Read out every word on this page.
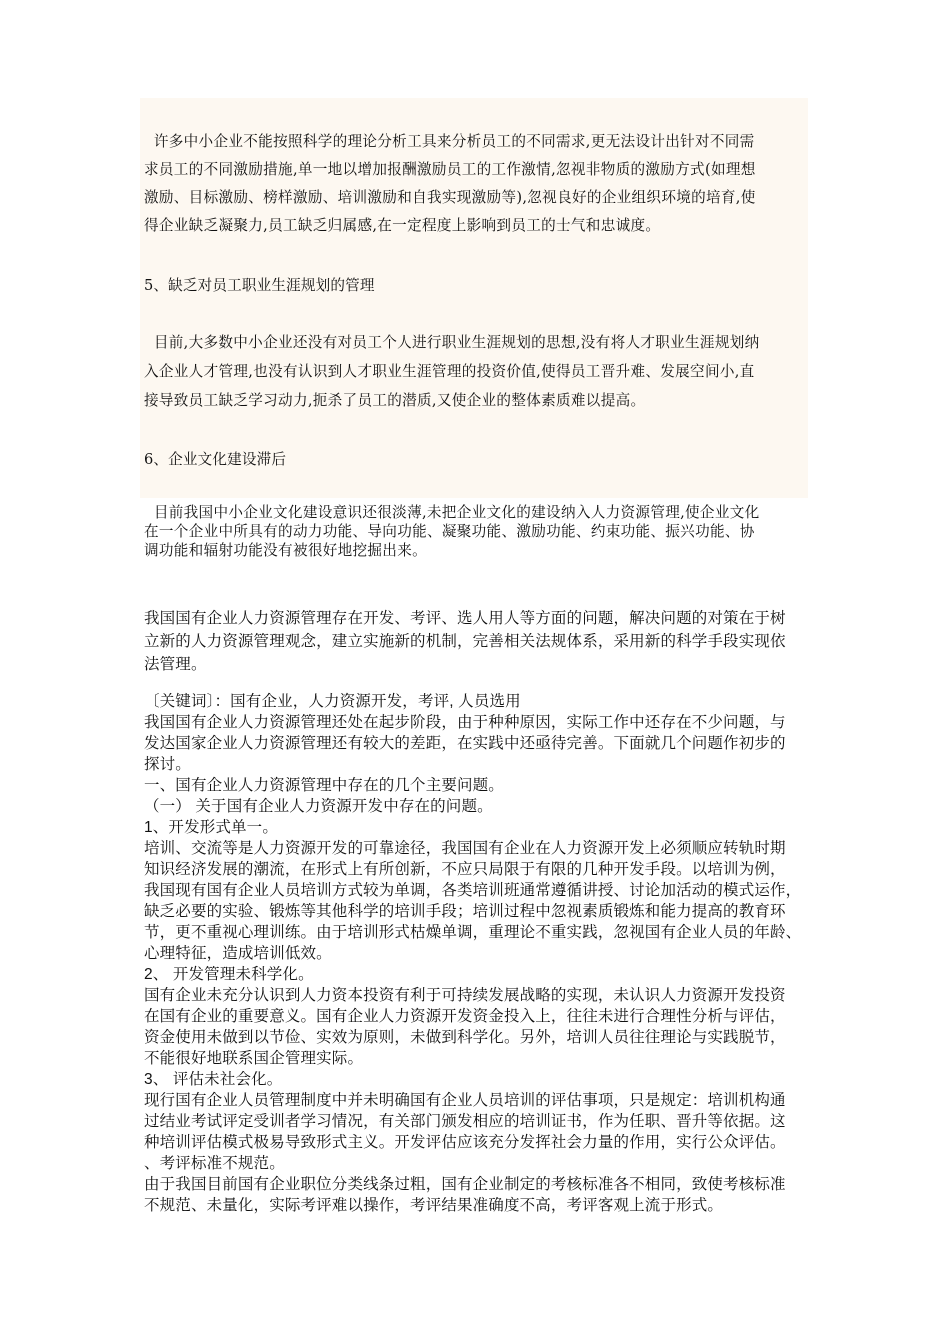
许多中小企业不能按照科学的理论分析工具来分析员工的不同需求,更无法设计出针对不同需
求员工的不同激励措施,单一地以增加报酬激励员工的工作激情,忽视非物质的激励方式(如理想
激励、目标激励、榜样激励、培训激励和自我实现激励等),忽视良好的企业组织环境的培育,使
得企业缺乏凝聚力,员工缺乏归属感,在一定程度上影响到员工的士气和忠诚度。
5、缺乏对员工职业生涯规划的管理
目前,大多数中小企业还没有对员工个人进行职业生涯规划的思想,没有将人才职业生涯规划纳
入企业人才管理,也没有认识到人才职业生涯管理的投资价值,使得员工晋升难、发展空间小,直
接导致员工缺乏学习动力,扼杀了员工的潜质,又使企业的整体素质难以提高。
6、企业文化建设滞后
目前我国中小企业文化建设意识还很淡薄,未把企业文化的建设纳入人力资源管理,使企业文化
在一个企业中所具有的动力功能、导向功能、凝聚功能、激励功能、约束功能、振兴功能、协
调功能和辐射功能没有被很好地挖掘出来。
我国国有企业人力资源管理存在开发、考评、选人用人等方面的问题，解决问题的对策在于树
立新的人力资源管理观念，建立实施新的机制，完善相关法规体系，采用新的科学手段实现依
法管理。
〔关键词〕：国有企业，人力资源开发，考评, 人员选用
我国国有企业人力资源管理还处在起步阶段，由于种种原因，实际工作中还存在不少问题，与
发达国家企业人力资源管理还有较大的差距，在实践中还亟待完善。下面就几个问题作初步的
探讨。
一、国有企业人力资源管理中存在的几个主要问题。
（一） 关于国有企业人力资源开发中存在的问题。
1、开发形式单一。
培训、交流等是人力资源开发的可靠途径，我国国有企业在人力资源开发上必须顺应转轨时期
知识经济发展的潮流，在形式上有所创新，不应只局限于有限的几种开发手段。以培训为例，
我国现有国有企业人员培训方式较为单调，各类培训班通常遵循讲授、讨论加活动的模式运作，
缺乏必要的实验、锻炼等其他科学的培训手段；培训过程中忽视素质锻炼和能力提高的教育环
节，更不重视心理训练。由于培训形式枯燥单调，重理论不重实践，忽视国有企业人员的年龄、
心理特征，造成培训低效。
2、 开发管理未科学化。
国有企业未充分认识到人力资本投资有利于可持续发展战略的实现，未认识人力资源开发投资
在国有企业的重要意义。国有企业人力资源开发资金投入上，往往未进行合理性分析与评估，
资金使用未做到以节俭、实效为原则，未做到科学化。另外，培训人员往往理论与实践脱节，
不能很好地联系国企管理实际。
3、 评估未社会化。
现行国有企业人员管理制度中并未明确国有企业人员培训的评估事项，只是规定：培训机构通
过结业考试评定受训者学习情况，有关部门颁发相应的培训证书，作为任职、晋升等依据。这
种培训评估模式极易导致形式主义。开发评估应该充分发挥社会力量的作用，实行公众评估。
、考评标准不规范。
由于我国目前国有企业职位分类线条过粗，国有企业制定的考核标准各不相同，致使考核标准
不规范、未量化，实际考评难以操作，考评结果准确度不高，考评客观上流于形式。
